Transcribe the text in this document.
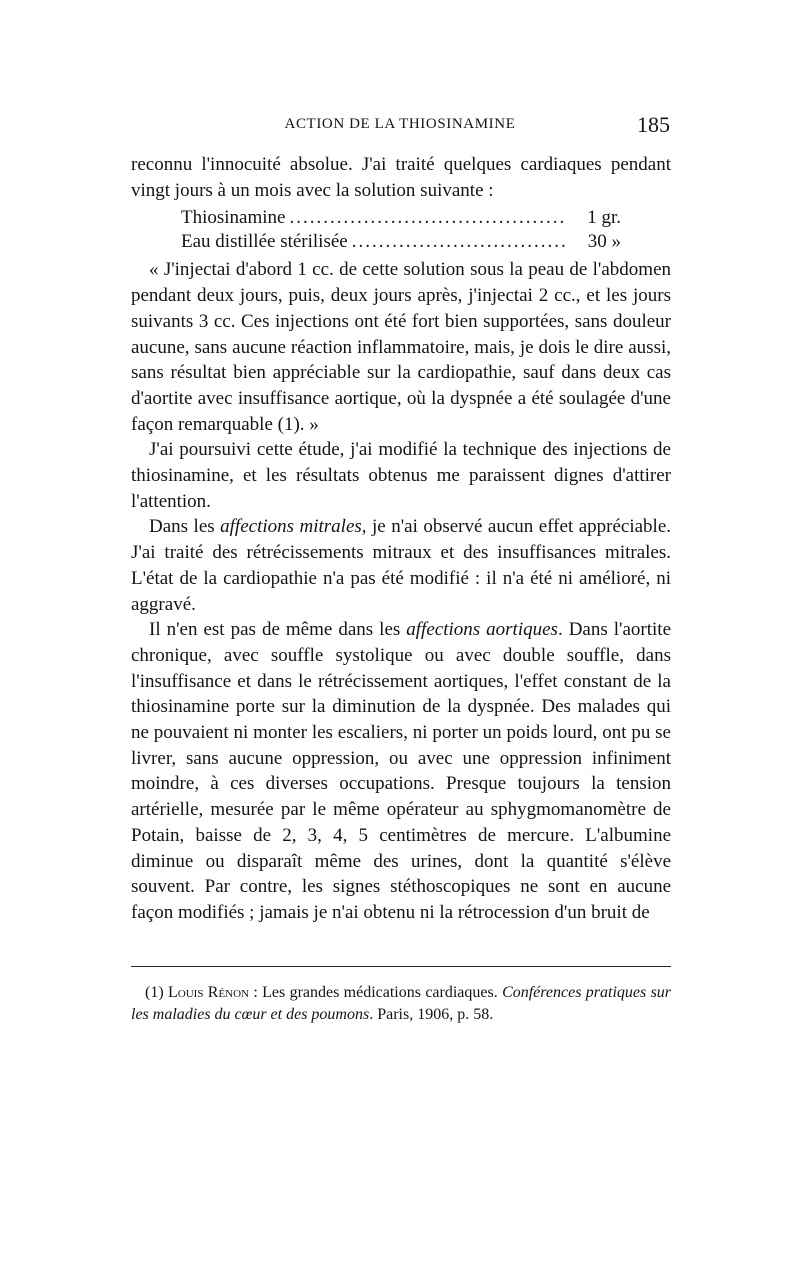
ACTION DE LA THIOSINAMINE	185

reconnu l'innocuité absolue. J'ai traité quelques cardiaques pendant vingt jours à un mois avec la solution suivante :

Thiosinamine .....	1 gr.
Eau distillée stérilisée .....	30 »

« J'injectai d'abord 1 cc. de cette solution sous la peau de l'abdomen pendant deux jours, puis, deux jours après, j'injectai 2 cc., et les jours suivants 3 cc. Ces injections ont été fort bien supportées, sans douleur aucune, sans aucune réaction inflammatoire, mais, je dois le dire aussi, sans résultat bien appréciable sur la cardiopathie, sauf dans deux cas d'aortite avec insuffisance aortique, où la dyspnée a été soulagée d'une façon remarquable (1). »

J'ai poursuivi cette étude, j'ai modifié la technique des injections de thiosinamine, et les résultats obtenus me paraissent dignes d'attirer l'attention.

Dans les affections mitrales, je n'ai observé aucun effet appréciable. J'ai traité des rétrécissements mitraux et des insuffisances mitrales. L'état de la cardiopathie n'a pas été modifié : il n'a été ni amélioré, ni aggravé.

Il n'en est pas de même dans les affections aortiques. Dans l'aortite chronique, avec souffle systolique ou avec double souffle, dans l'insuffisance et dans le rétrécissement aortiques, l'effet constant de la thiosinamine porte sur la diminution de la dyspnée. Des malades qui ne pouvaient ni monter les escaliers, ni porter un poids lourd, ont pu se livrer, sans aucune oppression, ou avec une oppression infiniment moindre, à ces diverses occupations. Presque toujours la tension artérielle, mesurée par le même opérateur au sphygmomanomètre de Potain, baisse de 2, 3, 4, 5 centimètres de mercure. L'albumine diminue ou disparaît même des urines, dont la quantité s'élève souvent. Par contre, les signes stéthoscopiques ne sont en aucune façon modifiés ; jamais je n'ai obtenu ni la rétrocession d'un bruit de

(1) Louis Rénon : Les grandes médications cardiaques. Conférences pratiques sur les maladies du cœur et des poumons. Paris, 1906, p. 58.
